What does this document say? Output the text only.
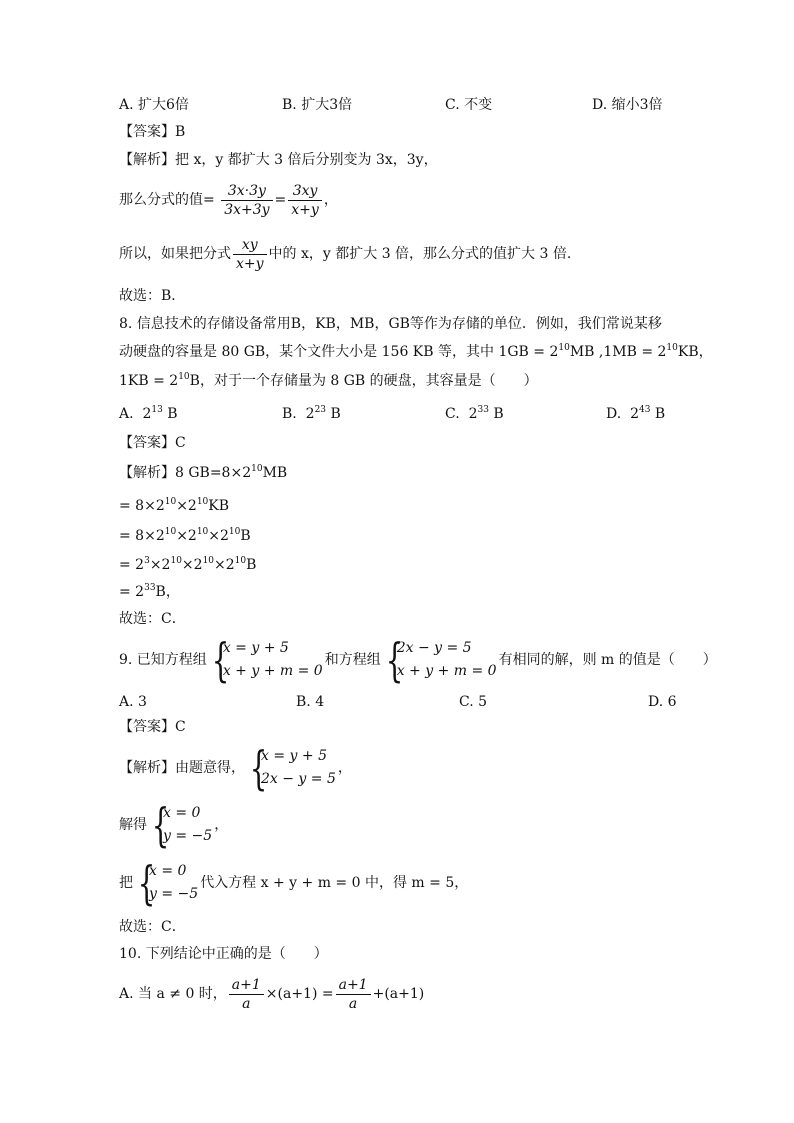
A. 扩大6倍	B. 扩大3倍	C. 不变	D. 缩小3倍
【答案】B
【解析】把 x，y 都扩大 3 倍后分别变为 3x，3y，
那么分式的值= $\frac{3x\cdot 3y}{3x+3y} = \frac{3xy}{x+y}$ ，
所以，如果把分式 $\frac{xy}{x+y}$ 中的 x，y 都扩大 3 倍，那么分式的值扩大 3 倍.
故选：B．
8. 信息技术的存储设备常用B，KB，MB，GB等作为存储的单位．例如，我们常说某移
动硬盘的容量是 80 GB，某个文件大小是 156 KB 等，其中 $1GB = 2^{10}MB$ $,1MB = 2^{10}KB$，
$1KB = 2^{10}B$，对于一个存储量为 8 GB 的硬盘，其容量是（　　）
A. $2^{13}$ B	B. $2^{23}$ B	C. $2^{33}$ B	D. $2^{43}$ B
【答案】C
【解析】8 $GB=8\times 2^{10}MB$
= $8\times 2^{10}\times 2^{10}KB$
= $8\times 2^{10}\times 2^{10}\times 2^{10}B$
= $2^3\times 2^{10}\times 2^{10}\times 2^{10}B$
= $2^{33}B$，
故选：C．
9. 已知方程组 {
x = y + 5
x + y + m = 0
和方程组 {
2x − y = 5
x + y + m = 0
有相同的解，则 m 的值是（　　）
A. 3	B. 4	C. 5	D. 6
【答案】C
【解析】由题意得， {
x = y + 5
2x − y = 5
，
解得 {
x = 0
y = −5
，
把 {
x = 0
y = −5
代入方程 x + y + m = 0 中，得 m = 5，
故选：C．
10. 下列结论中正确的是（　　）
A. 当 a ≠ 0 时， $\frac{a+1}{a} \times(a+1) = \frac{a+1}{a} +(a+1)$
